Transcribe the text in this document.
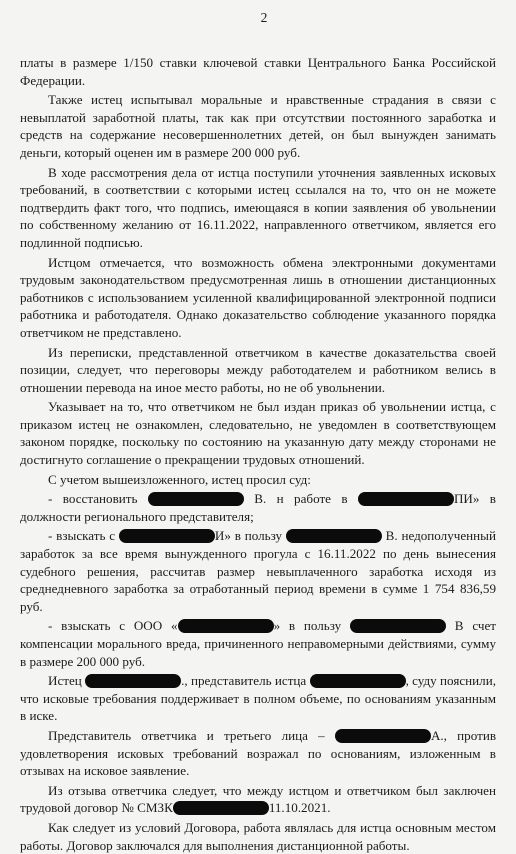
2

платы в размере 1/150 ставки ключевой ставки Центрального Банка Российской Федерации.

Также истец испытывал моральные и нравственные страдания в связи с невыплатой заработной платы, так как при отсутствии постоянного заработка и средств на содержание несовершеннолетних детей, он был вынужден занимать деньги, который оценен им в размере 200 000 руб.

В ходе рассмотрения дела от истца поступили уточнения заявленных исковых требований, в соответствии с которыми истец ссылался на то, что он не можете подтвердить факт того, что подпись, имеющаяся в копии заявления об увольнении по собственному желанию от 16.11.2022, направленного ответчиком, является его подлинной подписью.

Истцом отмечается, что возможность обмена электронными документами трудовым законодательством предусмотренная лишь в отношении дистанционных работников с использованием усиленной квалифицированной электронной подписи работника и работодателя. Однако доказательство соблюдение указанного порядка ответчиком не представлено.

Из переписки, представленной ответчиком в качестве доказательства своей позиции, следует, что переговоры между работодателем и работником велись в отношении перевода на иное место работы, но не об увольнении.

Указывает на то, что ответчиком не был издан приказ об увольнении истца, с приказом истец не ознакомлен, следовательно, не уведомлен в соответствующем законом порядке, поскольку по состоянию на указанную дату между сторонами не достигнуто соглашение о прекращении трудовых отношений.

С учетом вышеизложенного, истец просил суд:

- восстановить	В. н работе в	ПИ» в должности регионального представителя;

- взыскать с	И» в пользу	В. недополученный заработок за все время вынужденного прогула с 16.11.2022 по день вынесения судебного решения, рассчитав размер невыплаченного заработка исходя из среднедневного заработка за отработанный период времени в сумме 1 754 836,59 руб.

- взыскать с ООО «	» в пользу	В счет компенсации морального вреда, причиненного неправомерными действиями, сумму в размере 200 000 руб.

Истец	., представитель истца	, суду пояснили, что исковые требования поддерживает в полном объеме, по основаниям указанным в иске.

Представитель ответчика и третьего лица –	А., против удовлетворения исковых требований возражал по основаниям, изложенным в отзывах на исковое заявление.

Из отзыва ответчика следует, что между истцом и ответчиком был заключен трудовой договор № СМЗК	11.10.2021.

Как следует из условий Договора, работа являлась для истца основным местом работы. Договор заключался для выполнения дистанционной работы.
